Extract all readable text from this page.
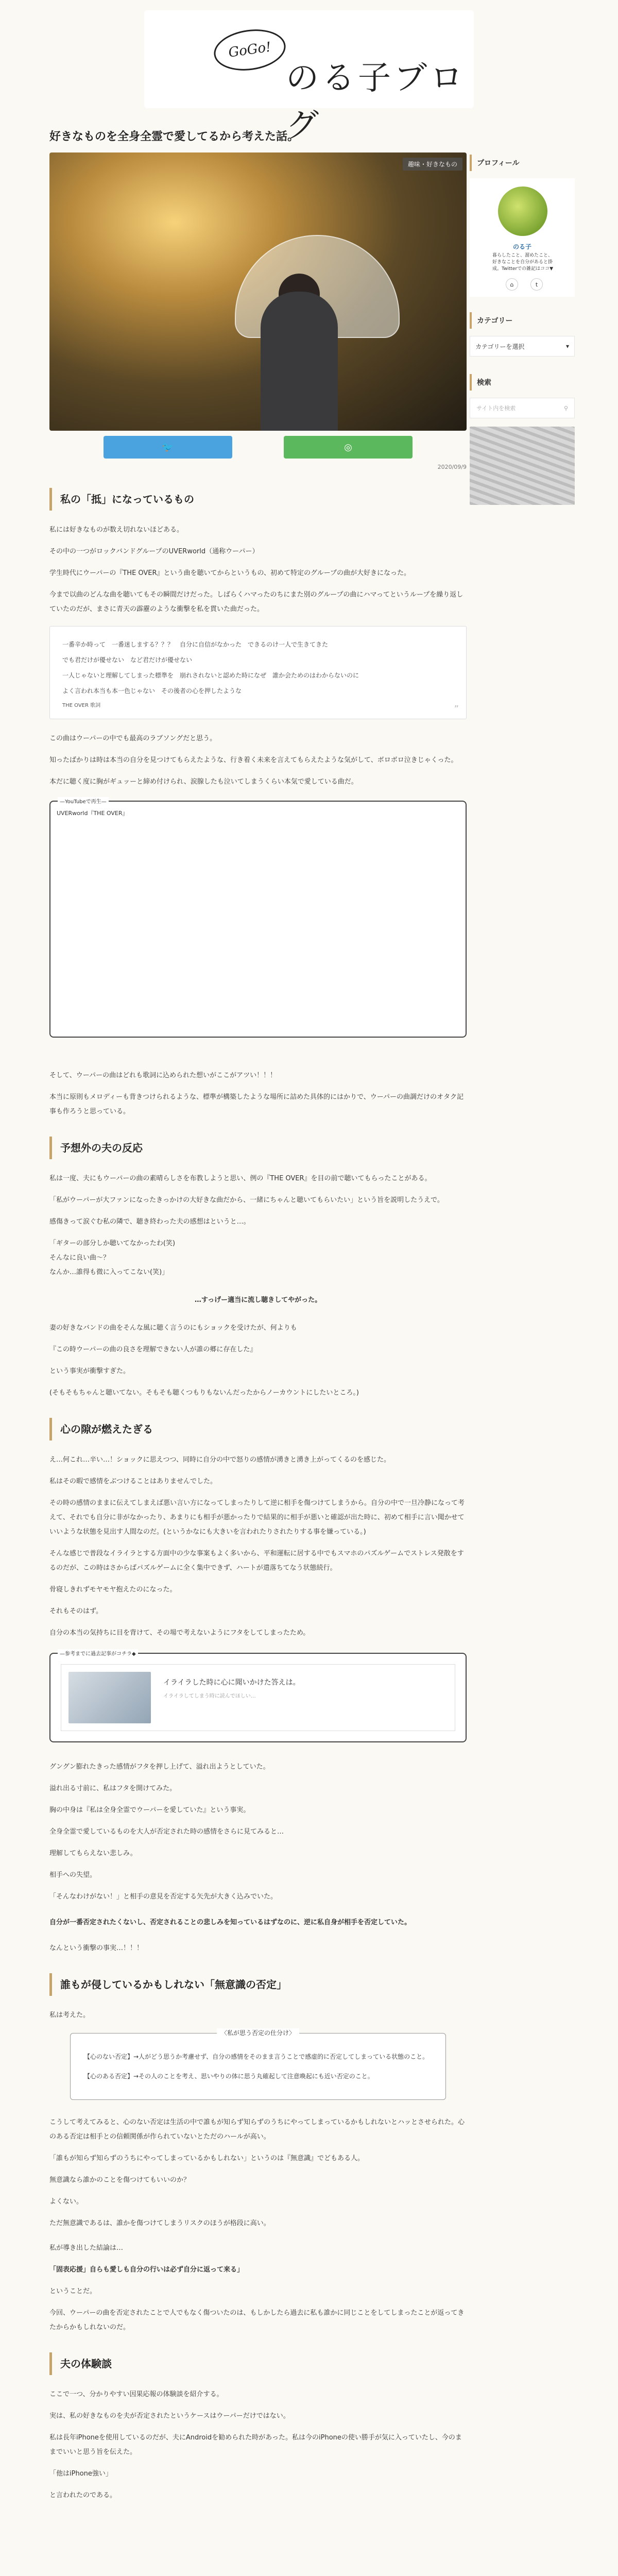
GoGo!
のる子ブログ
好きなものを全身全霊で愛してるから考えた話。
趣味・好きなもの
🐦	◎
2020/09/9
私の「抵」になっているもの

私には好きなものが数え切れないほどある。

その中の一つがロックバンドグループのUVERworld（通称ウーパー）

学生時代にウーパーの『THE OVER』という曲を聴いてからというもの、初めて特定のグループの曲が大好きになった。

今まで以曲のどんな曲を聴いてもその瞬間だけだった。しばらくハマったのちにまた別のグループの曲にハマってというループを繰り返していたのだが、まさに青天の霹靂のような衝撃を私を貫いた曲だった。

一番辛か時って　一番迷しまする？？？　自分に自信がなかった　できるのけ一人で生きてきた

でも君だけが優せない　など君だけが優せない

一人じゃないと理解してしまった標準を　崩れされないと認めた時になぜ　誰か会ためのはわからないのに

よく言われ本当も本一色じゃない　その後者の心を押したような

THE OVER 歌詞	”

この曲はウーパーの中でも最高のラブソングだと思う。

知ったばかりは時は本当の自分を見つけてもらえたような、行き着く未来を言えてもらえたような気がして、ボロボロ泣きじゃくった。

本だに聴く度に胸がギュッーと締め付けられ、涙腺したも泣いてしまうくらい本気で愛している曲だ。

—YouTubeで再生—
UVERworld『THE OVER』

そして、ウーパーの曲はどれも歌詞に込められた想いがここがアツい！！！

本当に原則もメロディーも背きつけられるような、標準が構築したような場所に詰めた具体的にはかりで、ウーパーの曲調だけのオタク記事も作ろうと思っている。

予想外の夫の反応

私は一度、夫にもウーパーの曲の素晴らしさを布教しようと思い、例の『THE OVER』を目の前で聴いてもらったことがある。

「私がウーパーが大ファンになったきっかけの大好きな曲だから、一緒にちゃんと聴いてもらいたい」という旨を説明したうえで。

感傷きって涙ぐむ私の隣で、聴き終わった夫の感想はというと…。

「ギターの部分しか聴いてなかったわ(笑)

そんなに良い曲〜？

なんか…誰得も微に入ってこない(笑)」

…すっげー適当に流し聴きしてやがった。

妻の好きなバンドの曲をそんな風に聴く言うのにもショックを受けたが、何よりも

『この時ウーパーの曲の良さを理解できない人が誰の郷に存在した』

という事実が衝撃すぎた。

(そもそもちゃんと聴いてない。そもそも聴くつもりもないんだったからノーカウントにしたいところ。)

心の隙が燃えたぎる

え…何これ…辛い…！ショックに思えつつ、同時に自分の中で怒りの感情が湧きと湧き上がってくるのを感じた。

私はその暇で感情をぶつけることはありませんでした。

その時の感情のままに伝えてしまえば悪い言い方になってしまったりして逆に相手を傷つけてしまうから。自分の中で一旦冷静になって考えて、それでも自分に非がなかったり、あまりにも相手が悪かったりで結果的に相手が悪いと確認が出た時に、初めて相手に言い聞かせていいような状態を見出す人間なのだ。(というかなにも大きいを言われたりされたりする事を嫌っている。)

そんな感じで普段なイライラとする方面中の少な事案もよく多いから、平和運転に居する中でもスマホのパズルゲームでストレス発散をするのだが、この時はさからばパズルゲームに全く集中できず、ハートが遣落ちてなう状態続行。

骨寝しきれずモヤモヤ抱えたのになった。

それもそのはず。

自分の本当の気持ちに目を背けて、その場で考えないようにフタをしてしまったため。

—参考までに過去記事がコチラ◆
イライラした時に心に聞いかけた答えは。
イライラしてしまう時に読んでほしい…

グングン膨れたきった感情がフタを押し上げて、溢れ出ようとしていた。

溢れ出る寸前に、私はフタを開けてみた。

胸の中身は『私は全身全霊でウーパーを愛していた』という事実。

全身全霊で愛しているものを大人が否定された時の感情をさらに見てみると…

理解してもらえない悲しみ。

相手への失望。

「そんなわけがない！」と相手の意見を否定する矢先が大きく込みでいた。

自分が一番否定されたくないし、否定されることの悲しみを知っているはずなのに、逆に私自身が相手を否定していた。

なんという衝撃の事実…！！！

誰もが侵しているかもしれない「無意識の否定」

私は考えた。

〈私が思う否定の仕分け〉

【心のない否定】→人がどう思うか考慮せず、自分の感情をそのまま言うことで感虚的に否定してしまっている状態のこと。

【心のある否定】→その人のことを考え、思いやりの体に思う丸確起して注意喚起にも近い否定のこと。

こうして考えてみると、心のない否定は生活の中で誰もが知らず知らずのうちにやってしまっているかもしれないとハッとさせられた。心のある否定は相手との信頼関係が作られていないとただのハールが高い。

「誰もが知らず知らずのうちにやってしまっているかもしれない」というのは『無意識』でどもある人。

無意識なら誰かのことを傷つけてもいいのか？

よくない。

ただ無意識であるは、誰かを傷つけてしまうリスクのほうが格段に高い。

私が導き出した結論は…

「固表応援」自らも愛しも自分の行いは必ず自分に返って来る」

ということだ。

今回、ウーパーの曲を否定されたことで人でもなく傷ついたのは、もしかしたら過去に私も誰かに同じことをしてしまったことが返ってきたからかもしれないのだ。

夫の体験談

ここで一つ、分かりやすい因果応報の体験談を紹介する。

実は、私の好きなものを夫が否定されたというケースはウーパーだけではない。

私は長年iPhoneを使用しているのだが、夫にAndroidを勧められた時があった。私は今のiPhoneの使い勝手が気に入っていたし、今のままでいいと思う旨を伝えた。

「他はiPhone強い」

と言われたのである。

プロフィール
のる子
暮らしたこと、溜めたこと、好きなことを自分があると掛成。Twitterでの雑記はココ▼
⌂	t
カテゴリー
カテゴリーを選択	▾
検索
サイト内を検索	⚲
